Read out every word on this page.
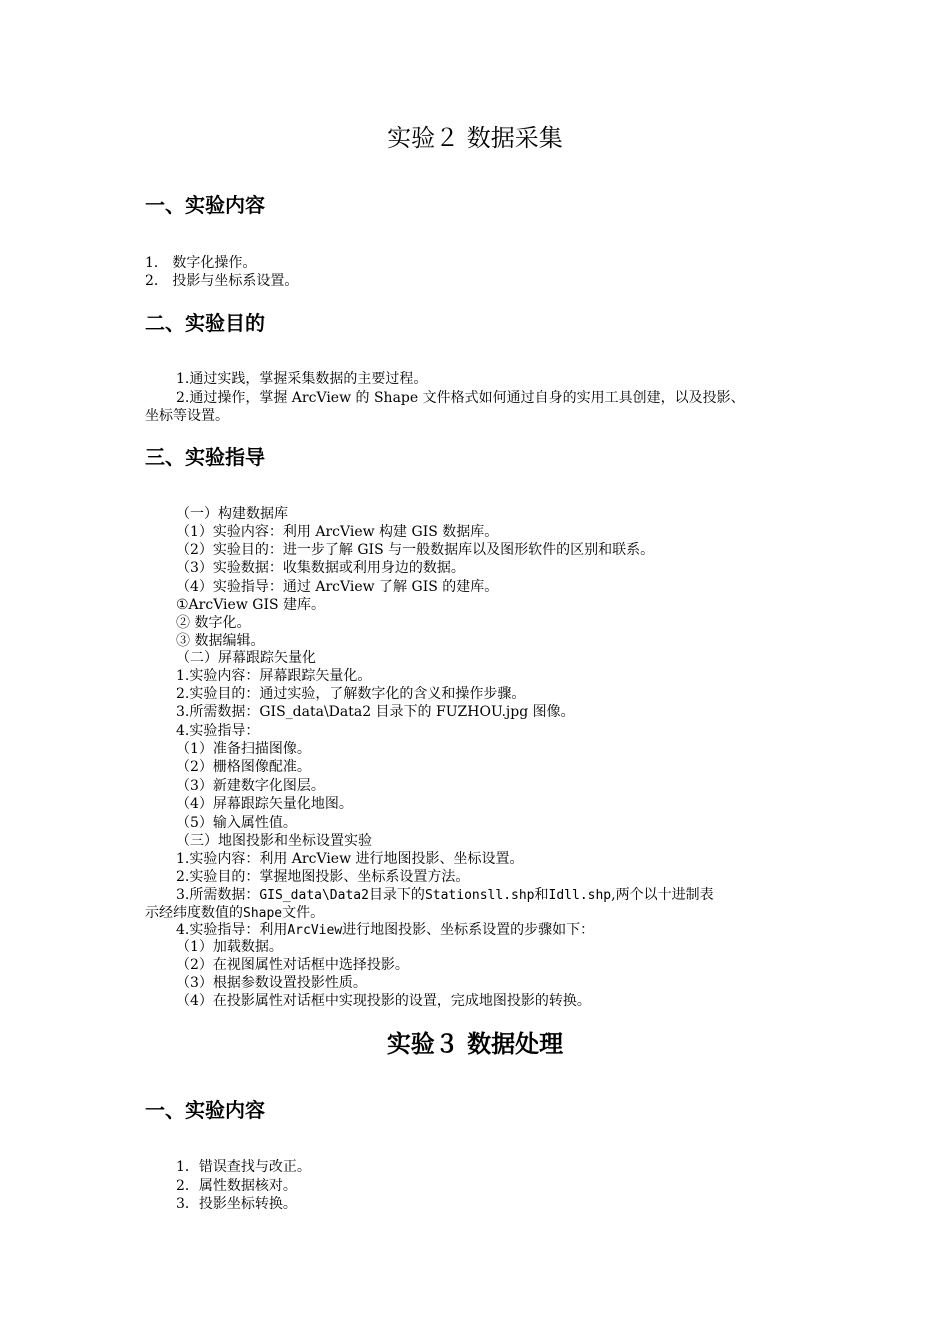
实验２ 数据采集
一、实验内容
1． 数字化操作。
2． 投影与坐标系设置。
二、实验目的
1.通过实践，掌握采集数据的主要过程。
2.通过操作，掌握 ArcView 的 Shape 文件格式如何通过自身的实用工具创建，以及投影、
坐标等设置。
三、实验指导
（一）构建数据库
（1）实验内容：利用 ArcView 构建 GIS 数据库。
（2）实验目的：进一步了解 GIS 与一般数据库以及图形软件的区别和联系。
（3）实验数据：收集数据或利用身边的数据。
（4）实验指导：通过 ArcView 了解 GIS 的建库。
①ArcView GIS 建库。
② 数字化。
③ 数据编辑。
（二）屏幕跟踪矢量化
1.实验内容：屏幕跟踪矢量化。
2.实验目的：通过实验，了解数字化的含义和操作步骤。
3.所需数据：GIS_data\Data2 目录下的 FUZHOU.jpg 图像。
4.实验指导：
（1）准备扫描图像。
（2）栅格图像配准。
（3）新建数字化图层。
（4）屏幕跟踪矢量化地图。
（5）输入属性值。
（三）地图投影和坐标设置实验
1.实验内容：利用 ArcView 进行地图投影、坐标设置。
2.实验目的：掌握地图投影、坐标系设置方法。
3.所需数据：GIS_data\Data2目录下的Stationsll.shp和Idll.shp,两个以十进制表
示经纬度数值的Shape文件。
4.实验指导：利用ArcView进行地图投影、坐标系设置的步骤如下：
（1）加载数据。
（2）在视图属性对话框中选择投影。
（3）根据参数设置投影性质。
（4）在投影属性对话框中实现投影的设置，完成地图投影的转换。
实验３ 数据处理
一、实验内容
1．错误查找与改正。
2．属性数据核对。
3．投影坐标转换。
